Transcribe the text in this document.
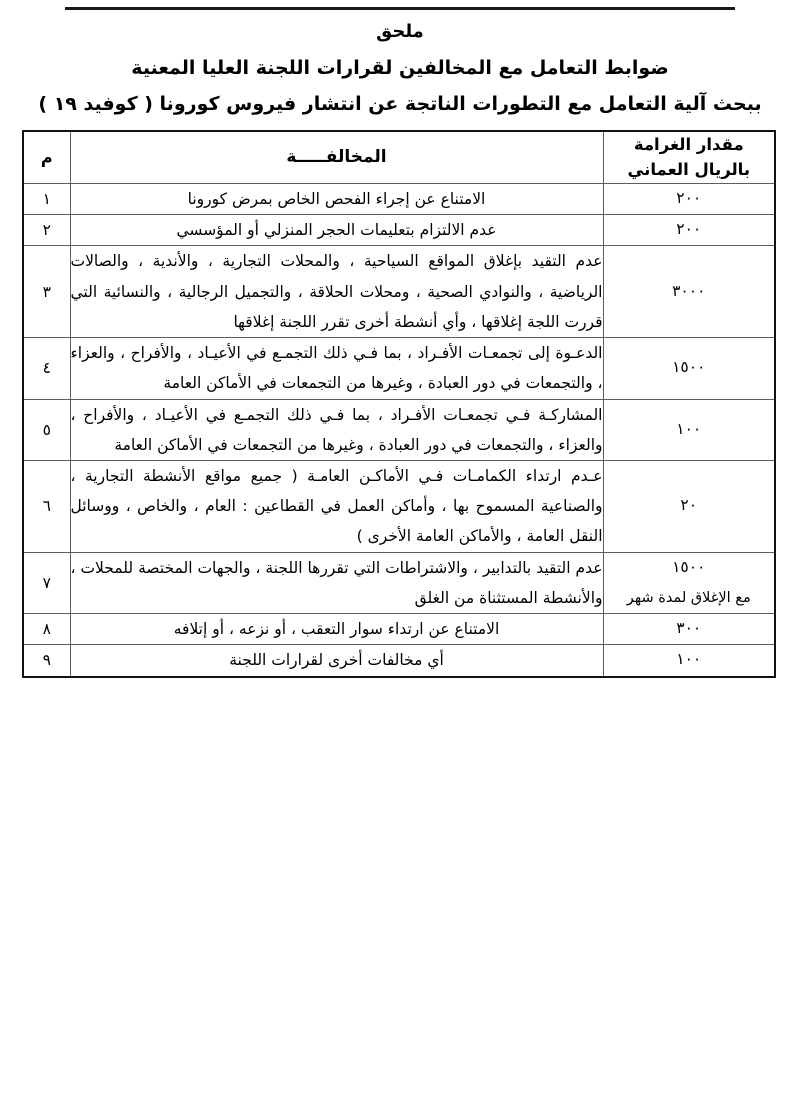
ملحق
ضوابط التعامل مع المخالفين لقرارات اللجنة العليا المعنية
ببحث آلية التعامل مع التطورات الناتجة عن انتشار فيروس كورونا ( كوفيد ١٩ )
مقدار الغرامة
بالريال العماني	المخالفـــــة	م
٢٠٠	الامتناع عن إجراء الفحص الخاص بمرض كورونا	١
٢٠٠	عدم الالتزام بتعليمات الحجر المنزلي أو المؤسسي	٢
٣٠٠٠	عدم التقيد بإغلاق المواقع السياحية ، والمحلات التجارية ، والأندية ، والصالات الرياضية ، والنوادي الصحية ، ومحلات الحلاقة ، والتجميل الرجالية ، والنسائية التي قررت اللجة إغلاقها ، وأي أنشطة أخرى تقرر اللجنة إغلاقها	٣
١٥٠٠	الدعـوة إلى تجمعـات الأفـراد ، بما فـي ذلك التجمـع في الأعيـاد ، والأفراح ، والعزاء ، والتجمعات في دور العبادة ، وغيرها من التجمعات في الأماكن العامة	٤
١٠٠	المشاركـة فـي تجمعـات الأفـراد ، بما فـي ذلك التجمـع في الأعيـاد ، والأفراح ، والعزاء ، والتجمعات في دور العبادة ، وغيرها من التجمعات في الأماكن العامة	٥
٢٠	عـدم ارتداء الكمامـات فـي الأماكـن العامـة ( جميع مواقع الأنشطة التجارية ، والصناعية المسموح بها ، وأماكن العمل في القطاعين : العام ، والخاص ، ووسائل النقل العامة ، والأماكن العامة الأخرى )	٦
١٥٠٠
مع الإغلاق لمدة شهر	عدم التقيد بالتدابير ، والاشتراطات التي تقررها اللجنة ، والجهات المختصة للمحلات ، والأنشطة المستثناة من الغلق	٧
٣٠٠	الامتناع عن ارتداء سوار التعقب ، أو نزعه ، أو إتلافه	٨
١٠٠	أي مخالفات أخرى لقرارات اللجنة	٩
